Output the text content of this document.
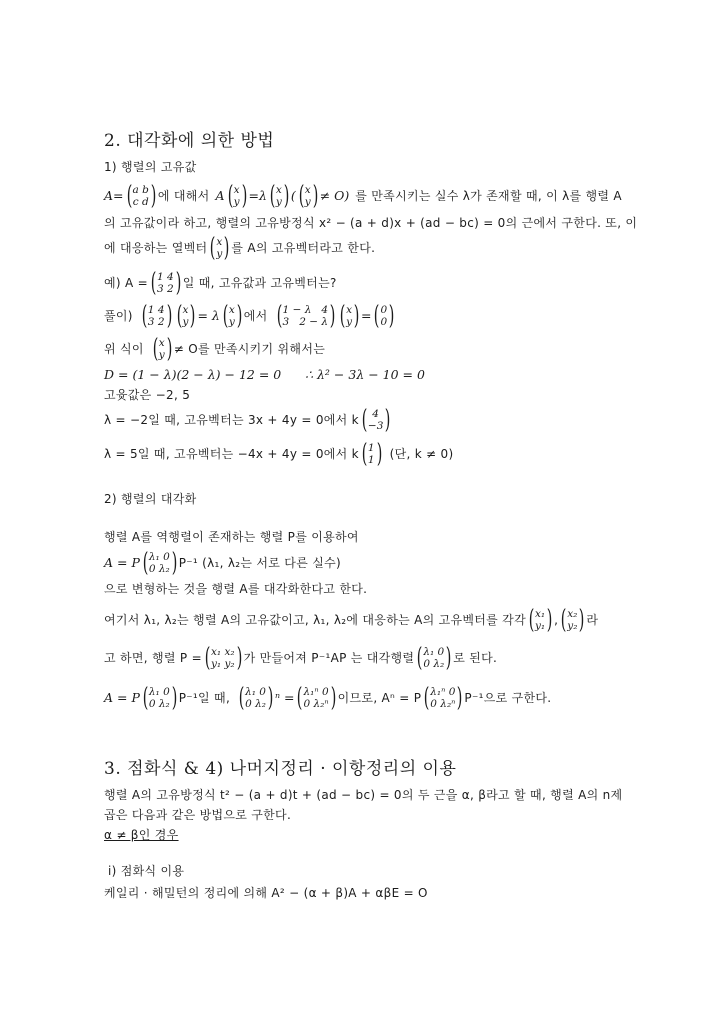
2. 대각화에 의한 방법
1) 행렬의 고유값
A= ( a b
c d ) 에 대해서 A ( x
y ) =λ ( x
y ) ( ( x
y ) ≠ O ) 를 만족시키는 실수 λ가 존재할 때, 이 λ를 행렬 A
의 고유값이라 하고, 행렬의 고유방정식 x² − (a + d)x + (ad − bc) = 0의 근에서 구한다. 또, 이
에 대응하는 열벡터 ( x
y ) 를 A의 고유벡터라고 한다.
예) A = ( 1 4
3 2 ) 일 때, 고유값과 고유벡터는?
풀이) ( 1 4
3 2 ) ( x
y ) = λ ( x
y ) 에서 ( 1 − λ 4
3 2 − λ ) ( x
y ) = ( 0
0 )
위 식이 ( x
y ) ≠ O를 만족시키기 위해서는
D = (1 − λ)(2 − λ) − 12 = 0      ∴ λ² − 3λ − 10 = 0
고윳값은 −2, 5
λ = −2일 때, 고유벡터는 3x + 4y = 0에서 k ( 4
−3 )
λ = 5일 때, 고유벡터는 −4x + 4y = 0에서 k ( 1
1 ) (단, k ≠ 0)
2) 행렬의 대각화
행렬 A를 역행렬이 존재하는 행렬 P를 이용하여
A = P ( λ₁ 0
0 λ₂ ) P⁻¹ (λ₁, λ₂는 서로 다른 실수)
으로 변형하는 것을 행렬 A를 대각화한다고 한다.
여기서 λ₁, λ₂는 행렬 A의 고유값이고, λ₁, λ₂에 대응하는 A의 고유벡터를 각각 ( x₁
y₁ ) , ( x₂
y₂ ) 라
고 하면, 행렬 P = ( x₁ x₂
y₁ y₂ ) 가 만들어져 P⁻¹AP 는 대각행렬 ( λ₁ 0
0 λ₂ ) 로 된다.
A = P ( λ₁ 0
0 λ₂ ) P⁻¹일 때, ( λ₁ 0
0 λ₂ ) ⁿ = ( λ₁ⁿ 0
0 λ₂ⁿ ) 이므로, Aⁿ = P ( λ₁ⁿ 0
0 λ₂ⁿ ) P⁻¹으로 구한다.
3. 점화식 & 4) 나머지정리 · 이항정리의 이용
행렬 A의 고유방정식 t² − (a + d)t + (ad − bc) = 0의 두 근을 α, β라고 할 때, 행렬 A의 n제
곱은 다음과 같은 방법으로 구한다.
α ≠ β인 경우
i) 점화식 이용
케일리 · 해밀턴의 정리에 의해 A² − (α + β)A + αβE = O
